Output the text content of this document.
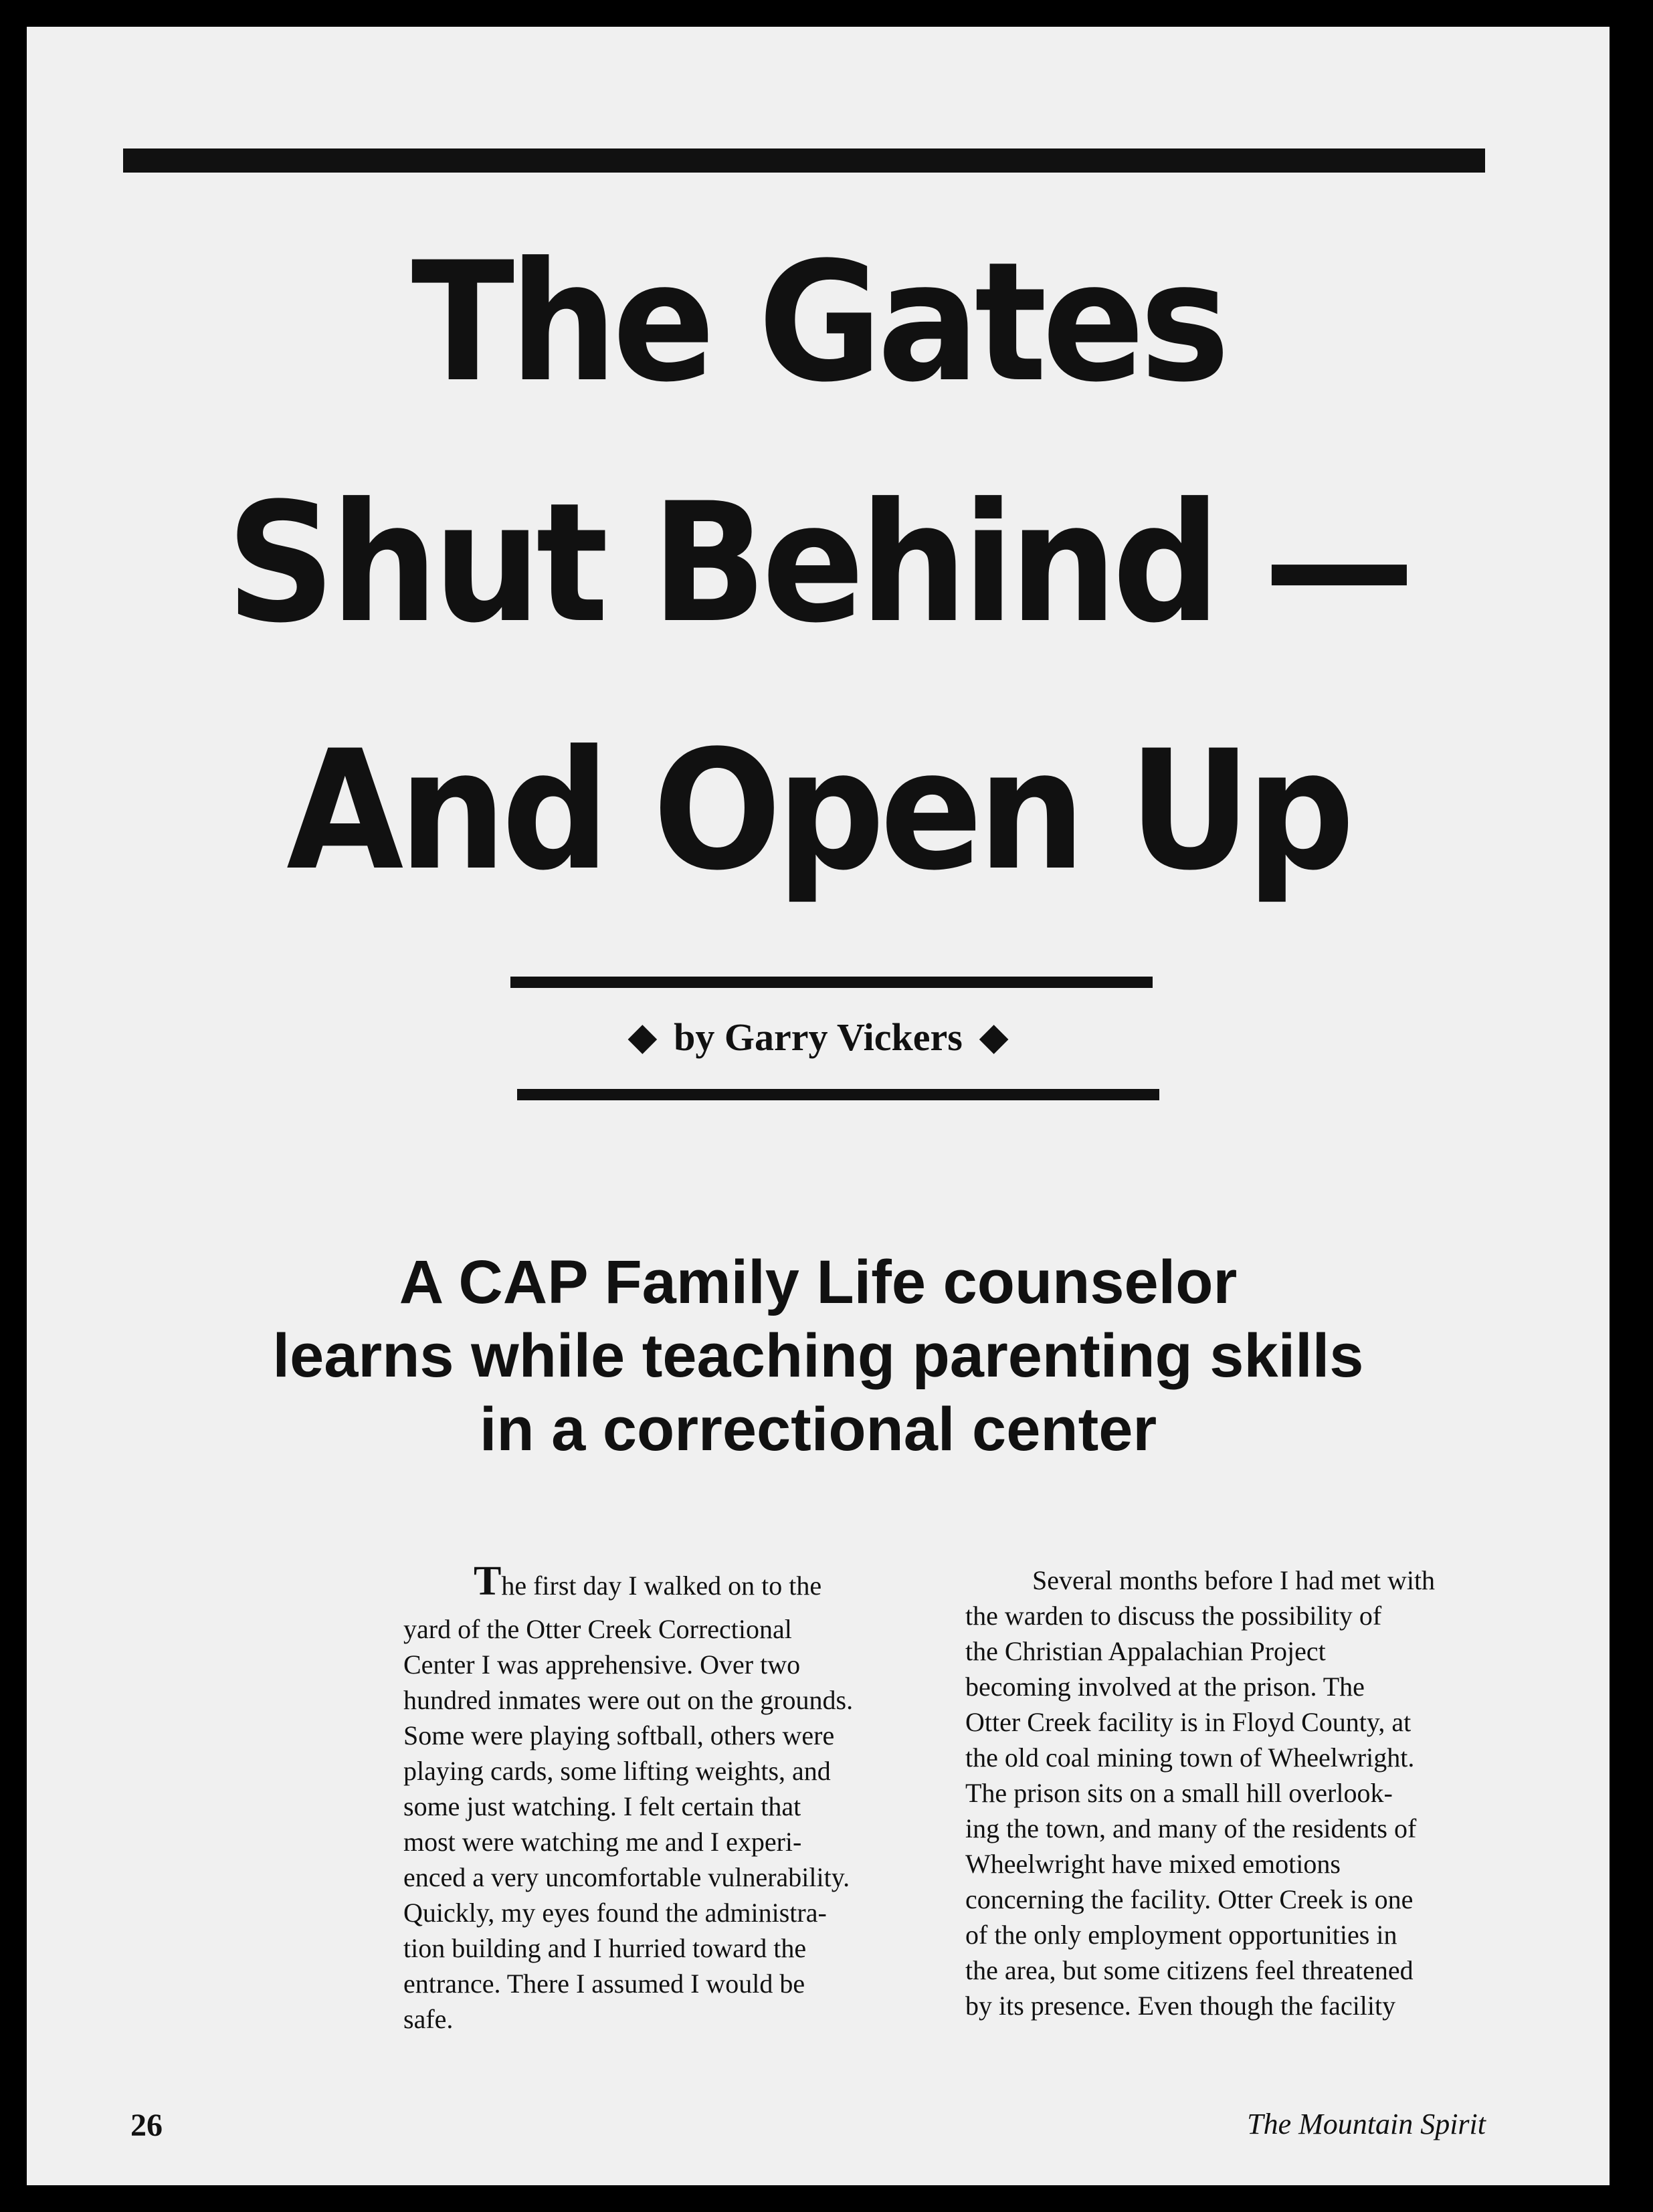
The Gates
Shut Behind —
And Open Up
◆ by Garry Vickers ◆
A CAP Family Life counselor
learns while teaching parenting skills
in a correctional center

The first day I walked on to the

yard of the Otter Creek Correctional

Center I was apprehensive. Over two

hundred inmates were out on the grounds.

Some were playing softball, others were

playing cards, some lifting weights, and

some just watching. I felt certain that

most were watching me and I experi-

enced a very uncomfortable vulnerability.

Quickly, my eyes found the administra-

tion building and I hurried toward the

entrance. There I assumed I would be

safe.

Several months before I had met with

the warden to discuss the possibility of

the Christian Appalachian Project

becoming involved at the prison. The

Otter Creek facility is in Floyd County, at

the old coal mining town of Wheelwright.

The prison sits on a small hill overlook-

ing the town, and many of the residents of

Wheelwright have mixed emotions

concerning the facility. Otter Creek is one

of the only employment opportunities in

the area, but some citizens feel threatened

by its presence. Even though the facility

26	The Mountain Spirit
